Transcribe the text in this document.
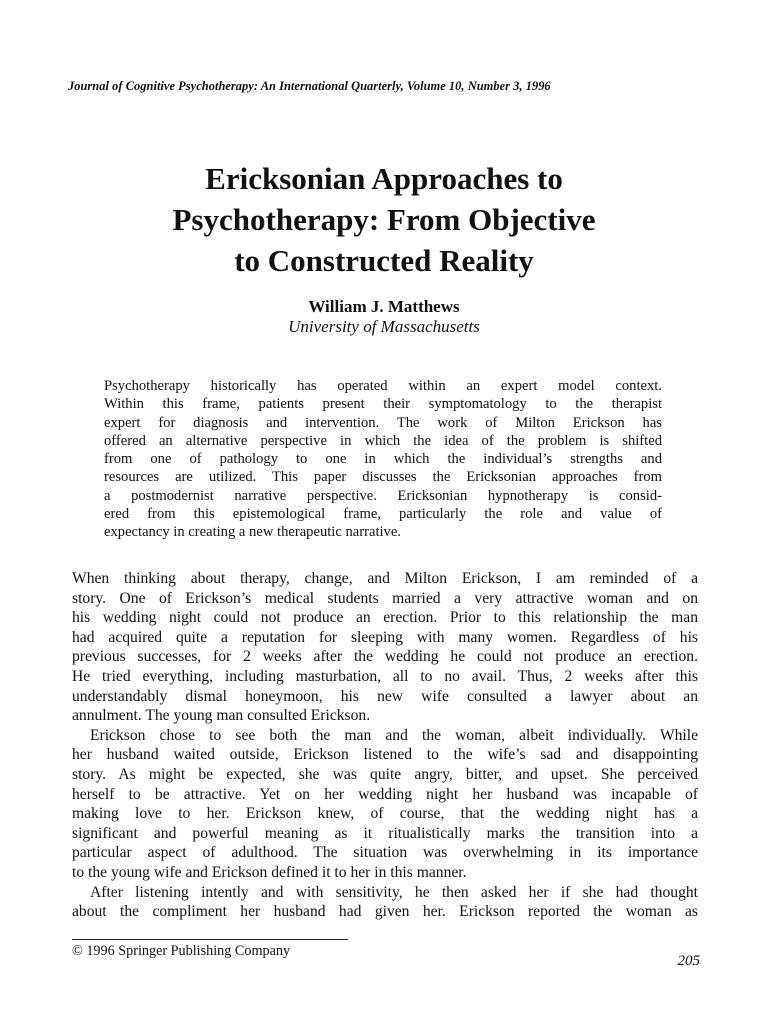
Journal of Cognitive Psychotherapy: An International Quarterly, Volume 10, Number 3, 1996
Ericksonian Approaches to
Psychotherapy: From Objective
to Constructed Reality
William J. Matthews
University of Massachusetts

Psychotherapy historically has operated within an expert model context.
Within this frame, patients present their symptomatology to the therapist
expert for diagnosis and intervention. The work of Milton Erickson has
offered an alternative perspective in which the idea of the problem is shifted
from one of pathology to one in which the individual’s strengths and
resources are utilized. This paper discusses the Ericksonian approaches from
a postmodernist narrative perspective. Ericksonian hypnotherapy is consid-
ered from this epistemological frame, particularly the role and value of
expectancy in creating a new therapeutic narrative.

When thinking about therapy, change, and Milton Erickson, I am reminded of a
story. One of Erickson’s medical students married a very attractive woman and on
his wedding night could not produce an erection. Prior to this relationship the man
had acquired quite a reputation for sleeping with many women. Regardless of his
previous successes, for 2 weeks after the wedding he could not produce an erection.
He tried everything, including masturbation, all to no avail. Thus, 2 weeks after this
understandably dismal honeymoon, his new wife consulted a lawyer about an
annulment. The young man consulted Erickson.
Erickson chose to see both the man and the woman, albeit individually. While
her husband waited outside, Erickson listened to the wife’s sad and disappointing
story. As might be expected, she was quite angry, bitter, and upset. She perceived
herself to be attractive. Yet on her wedding night her husband was incapable of
making love to her. Erickson knew, of course, that the wedding night has a
significant and powerful meaning as it ritualistically marks the transition into a
particular aspect of adulthood. The situation was overwhelming in its importance
to the young wife and Erickson defined it to her in this manner.
After listening intently and with sensitivity, he then asked her if she had thought
about the compliment her husband had given her. Erickson reported the woman as
© 1996 Springer Publishing Company
205
